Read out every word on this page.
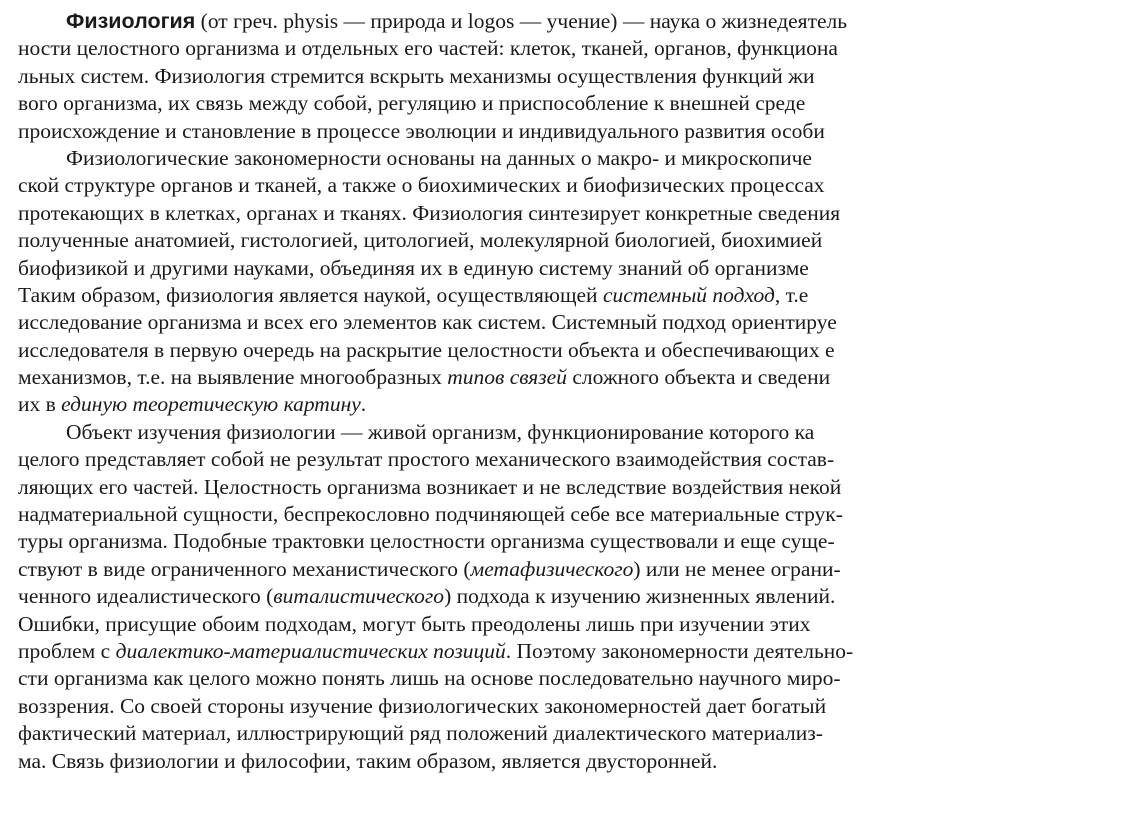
Физиология (от греч. physis — природа и logos — учение) — наука о жизнедеятель
ности целостного организма и отдельных его частей: клеток, тканей, органов, функциона
льных систем. Физиология стремится вскрыть механизмы осуществления функций жи
вого организма, их связь между собой, регуляцию и приспособление к внешней среде
происхождение и становление в процессе эволюции и индивидуального развития особи
Физиологические закономерности основаны на данных о макро- и микроскопиче
ской структуре органов и тканей, а также о биохимических и биофизических процессах
протекающих в клетках, органах и тканях. Физиология синтезирует конкретные сведения
полученные анатомией, гистологией, цитологией, молекулярной биологией, биохимией
биофизикой и другими науками, объединяя их в единую систему знаний об организме
Таким образом, физиология является наукой, осуществляющей системный подход, т.е
исследование организма и всех его элементов как систем. Системный подход ориентируе
исследователя в первую очередь на раскрытие целостности объекта и обеспечивающих е
механизмов, т.е. на выявление многообразных типов связей сложного объекта и сведени
их в единую теоретическую картину.
Объект изучения физиологии — живой организм, функционирование которого ка
целого представляет собой не результат простого механического взаимодействия состав-
ляющих его частей. Целостность организма возникает и не вследствие воздействия некой
надматериальной сущности, беспрекословно подчиняющей себе все материальные струк-
туры организма. Подобные трактовки целостности организма существовали и еще суще-
ствуют в виде ограниченного механистического (метафизического) или не менее ограни-
ченного идеалистического (виталистического) подхода к изучению жизненных явлений.
Ошибки, присущие обоим подходам, могут быть преодолены лишь при изучении этих
проблем с диалектико-материалистических позиций. Поэтому закономерности деятельно-
сти организма как целого можно понять лишь на основе последовательно научного миро-
воззрения. Со своей стороны изучение физиологических закономерностей дает богатый
фактический материал, иллюстрирующий ряд положений диалектического материализ-
ма. Связь физиологии и философии, таким образом, является двусторонней.
